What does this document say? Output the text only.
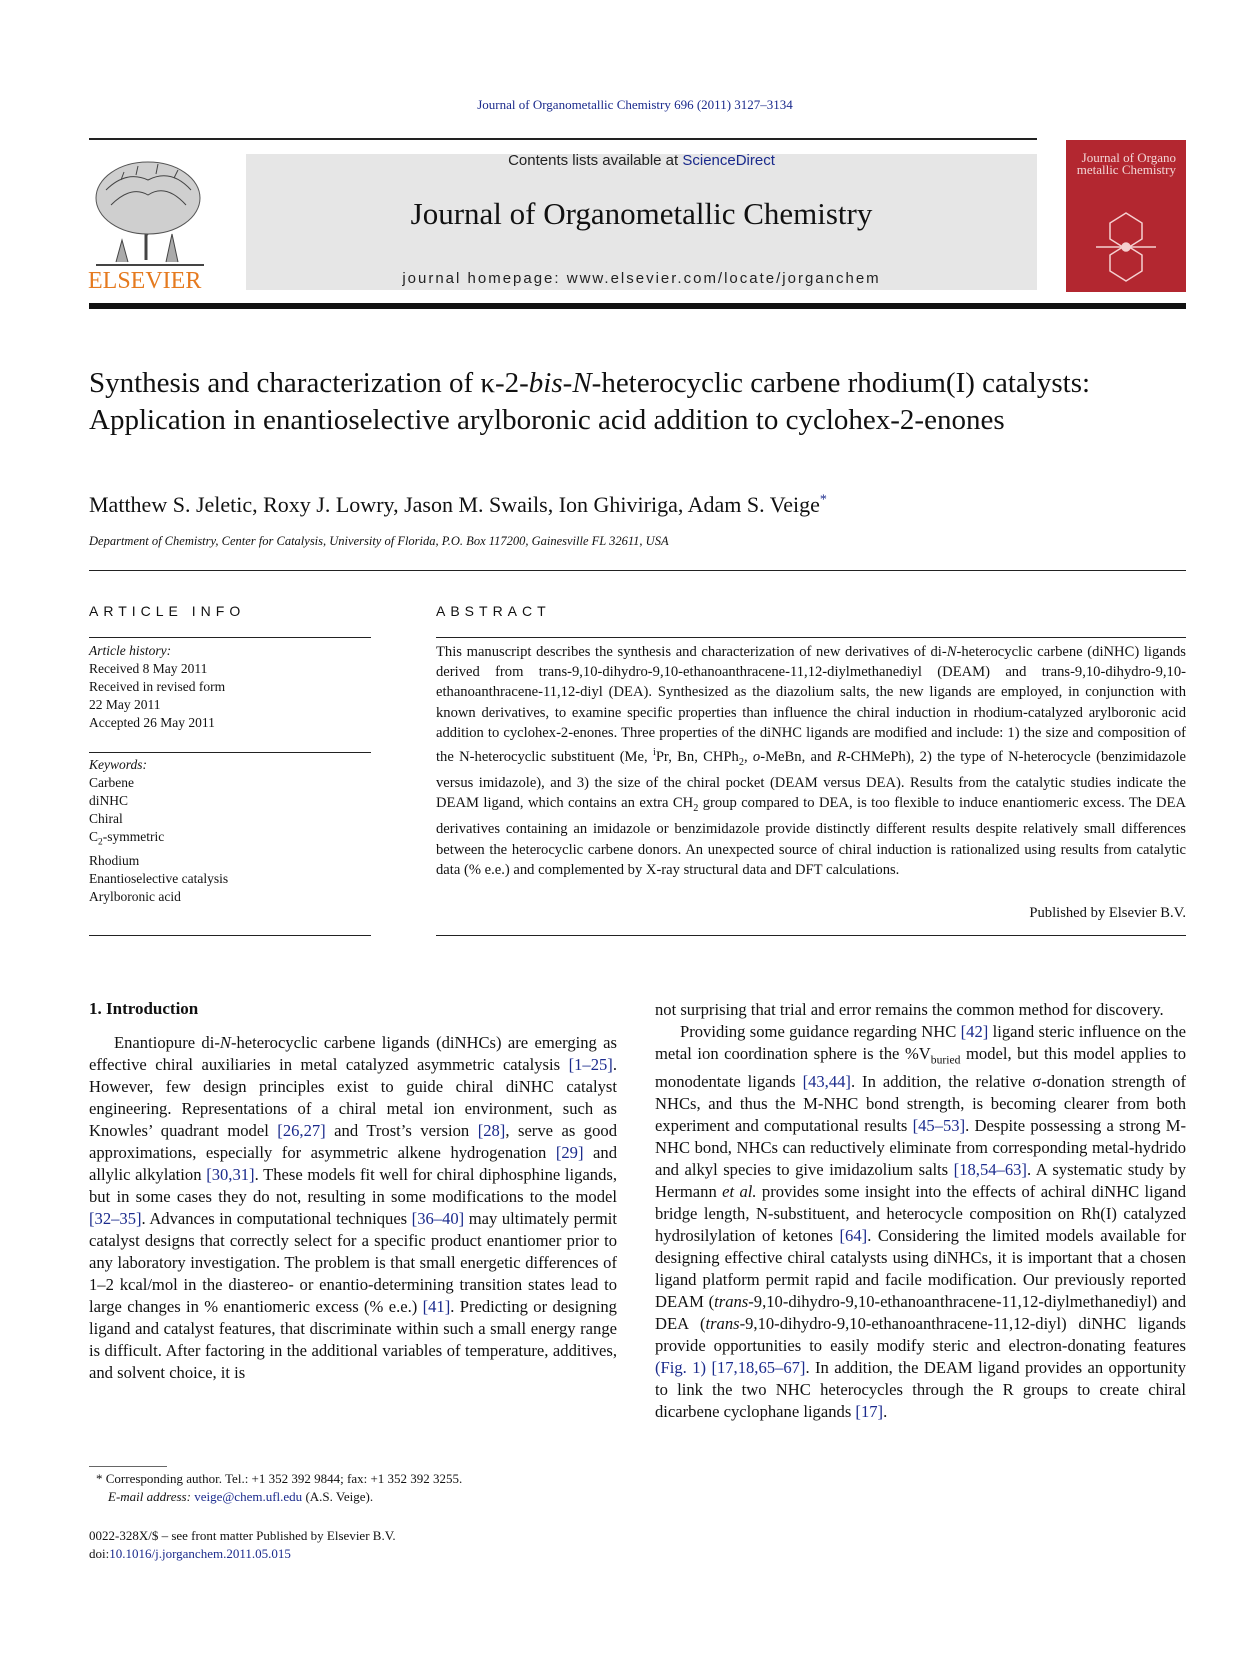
Journal of Organometallic Chemistry 696 (2011) 3127–3134
ELSEVIER
Contents lists available at ScienceDirect
Journal of Organometallic Chemistry
journal homepage: www.elsevier.com/locate/jorganchem
Journal of Organo metallic Chemistry
Synthesis and characterization of κ-2-bis-N-heterocyclic carbene rhodium(I) catalysts: Application in enantioselective arylboronic acid addition to cyclohex-2-enones
Matthew S. Jeletic, Roxy J. Lowry, Jason M. Swails, Ion Ghiviriga, Adam S. Veige*
Department of Chemistry, Center for Catalysis, University of Florida, P.O. Box 117200, Gainesville FL 32611, USA
ARTICLE INFO
Article history:
Received 8 May 2011
Received in revised form
22 May 2011
Accepted 26 May 2011
Keywords:
Carbene
diNHC
Chiral
$C_2$-symmetric
Rhodium
Enantioselective catalysis
Arylboronic acid
ABSTRACT
This manuscript describes the synthesis and characterization of new derivatives of di-N-heterocyclic carbene (diNHC) ligands derived from trans-9,10-dihydro-9,10-ethanoanthracene-11,12-diylmethanediyl (DEAM) and trans-9,10-dihydro-9,10-ethanoanthracene-11,12-diyl (DEA). Synthesized as the diazolium salts, the new ligands are employed, in conjunction with known derivatives, to examine specific properties than influence the chiral induction in rhodium-catalyzed arylboronic acid addition to cyclohex-2-enones. Three properties of the diNHC ligands are modified and include: 1) the size and composition of the N-heterocyclic substituent (Me, $^i$Pr, Bn, CHPh$_2$, o-MeBn, and R-CHMePh), 2) the type of N-heterocycle (benzimidazole versus imidazole), and 3) the size of the chiral pocket (DEAM versus DEA). Results from the catalytic studies indicate the DEAM ligand, which contains an extra $CH_2$ group compared to DEA, is too flexible to induce enantiomeric excess. The DEA derivatives containing an imidazole or benzimidazole provide distinctly different results despite relatively small differences between the heterocyclic carbene donors. An unexpected source of chiral induction is rationalized using results from catalytic data (% e.e.) and complemented by X-ray structural data and DFT calculations.
Published by Elsevier B.V.
1. Introduction

Enantiopure di-N-heterocyclic carbene ligands (diNHCs) are emerging as effective chiral auxiliaries in metal catalyzed asymmetric catalysis [1–25]. However, few design principles exist to guide chiral diNHC catalyst engineering. Representations of a chiral metal ion environment, such as Knowles’ quadrant model [26,27] and Trost’s version [28], serve as good approximations, especially for asymmetric alkene hydrogenation [29] and allylic alkylation [30,31]. These models fit well for chiral diphosphine ligands, but in some cases they do not, resulting in some modifications to the model [32–35]. Advances in computational techniques [36–40] may ultimately permit catalyst designs that correctly select for a specific product enantiomer prior to any laboratory investigation. The problem is that small energetic differences of 1–2 kcal/mol in the diastereo- or enantio-determining transition states lead to large changes in % enantiomeric excess (% e.e.) [41]. Predicting or designing ligand and catalyst features, that discriminate within such a small energy range is difficult. After factoring in the additional variables of temperature, additives, and solvent choice, it is

not surprising that trial and error remains the common method for discovery.

Providing some guidance regarding NHC [42] ligand steric influence on the metal ion coordination sphere is the $\%V_{buried}$ model, but this model applies to monodentate ligands [43,44]. In addition, the relative σ-donation strength of NHCs, and thus the M-NHC bond strength, is becoming clearer from both experiment and computational results [45–53]. Despite possessing a strong M-NHC bond, NHCs can reductively eliminate from corresponding metal-hydrido and alkyl species to give imidazolium salts [18,54–63]. A systematic study by Hermann et al. provides some insight into the effects of achiral diNHC ligand bridge length, N-substituent, and heterocycle composition on Rh(I) catalyzed hydrosilylation of ketones [64]. Considering the limited models available for designing effective chiral catalysts using diNHCs, it is important that a chosen ligand platform permit rapid and facile modification. Our previously reported DEAM (trans-9,10-dihydro-9,10-ethanoanthracene-11,12-diylmethanediyl) and DEA (trans-9,10-dihydro-9,10-ethanoanthracene-11,12-diyl) diNHC ligands provide opportunities to easily modify steric and electron-donating features (Fig. 1) [17,18,65–67]. In addition, the DEAM ligand provides an opportunity to link the two NHC heterocycles through the R groups to create chiral dicarbene cyclophane ligands [17].

* Corresponding author. Tel.: +1 352 392 9844; fax: +1 352 392 3255.
E-mail address: veige@chem.ufl.edu (A.S. Veige).
0022-328X/$ – see front matter Published by Elsevier B.V.
doi:10.1016/j.jorganchem.2011.05.015
